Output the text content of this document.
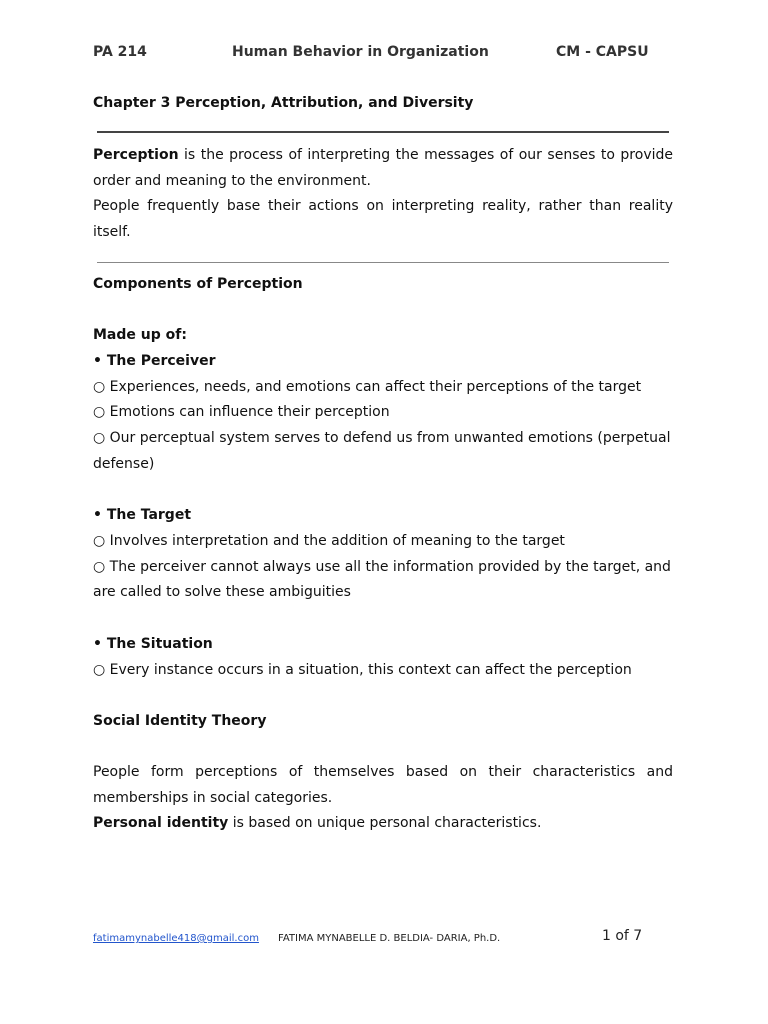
PA 214	Human Behavior in Organization	CM - CAPSU
Chapter 3 Perception, Attribution, and Diversity
Perception is the process of interpreting the messages of our senses to provide order and meaning to the environment.
People frequently base their actions on interpreting reality, rather than reality itself.
Components of Perception
Made up of:
• The Perceiver
○ Experiences, needs, and emotions can affect their perceptions of the target
○ Emotions can influence their perception
○ Our perceptual system serves to defend us from unwanted emotions (perpetual
defense)
• The Target
○ Involves interpretation and the addition of meaning to the target
○ The perceiver cannot always use all the information provided by the target, and
are called to solve these ambiguities
• The Situation
○ Every instance occurs in a situation, this context can affect the perception
Social Identity Theory
People form perceptions of themselves based on their characteristics and memberships in social categories.
Personal identity is based on unique personal characteristics.
fatimamynabelle418@gmail.com FATIMA MYNABELLE D. BELDIA- DARIA, Ph.D.	1 of 7
